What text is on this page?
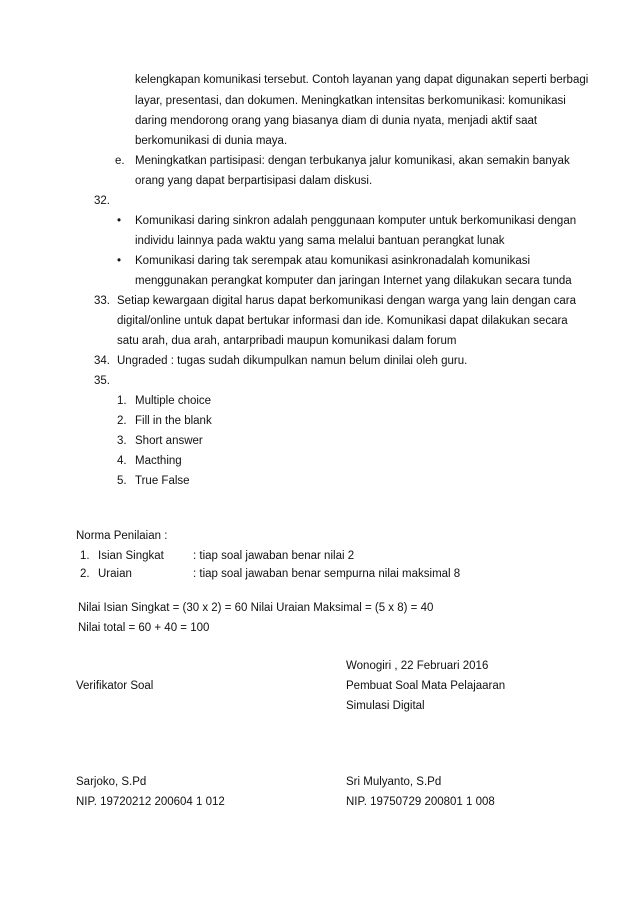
kelengkapan komunikasi tersebut. Contoh layanan yang dapat digunakan seperti berbagi
layar, presentasi, dan dokumen. Meningkatkan intensitas berkomunikasi: komunikasi
daring mendorong orang yang biasanya diam di dunia nyata, menjadi aktif saat
berkomunikasi di dunia maya.
e. Meningkatkan partisipasi: dengan terbukanya jalur komunikasi, akan semakin banyak
orang yang dapat berpartisipasi dalam diskusi.
32.
• Komunikasi daring sinkron adalah penggunaan komputer untuk berkomunikasi dengan
individu lainnya pada waktu yang sama melalui bantuan perangkat lunak
• Komunikasi daring tak serempak atau komunikasi asinkronadalah komunikasi
menggunakan perangkat komputer dan jaringan Internet yang dilakukan secara tunda
33. Setiap kewargaan digital harus dapat berkomunikasi dengan warga yang lain dengan cara
digital/online untuk dapat bertukar informasi dan ide. Komunikasi dapat dilakukan secara
satu arah, dua arah, antarpribadi maupun komunikasi dalam forum
34. Ungraded : tugas sudah dikumpulkan namun belum dinilai oleh guru.
35.
1. Multiple choice
2. Fill in the blank
3. Short answer
4. Macthing
5. True False
Norma Penilaian :
1. Isian Singkat	: tiap soal jawaban benar nilai 2
2. Uraian	: tiap soal jawaban benar sempurna nilai maksimal 8
Nilai Isian Singkat = (30 x 2) = 60 Nilai Uraian Maksimal = (5 x 8) = 40
Nilai total = 60 + 40 = 100
Wonogiri , 22 Februari 2016
Verifikator Soal	Pembuat Soal Mata Pelajaaran
Simulasi Digital
Sarjoko, S.Pd	Sri Mulyanto, S.Pd
NIP. 19720212 200604 1 012	NIP. 19750729 200801 1 008
